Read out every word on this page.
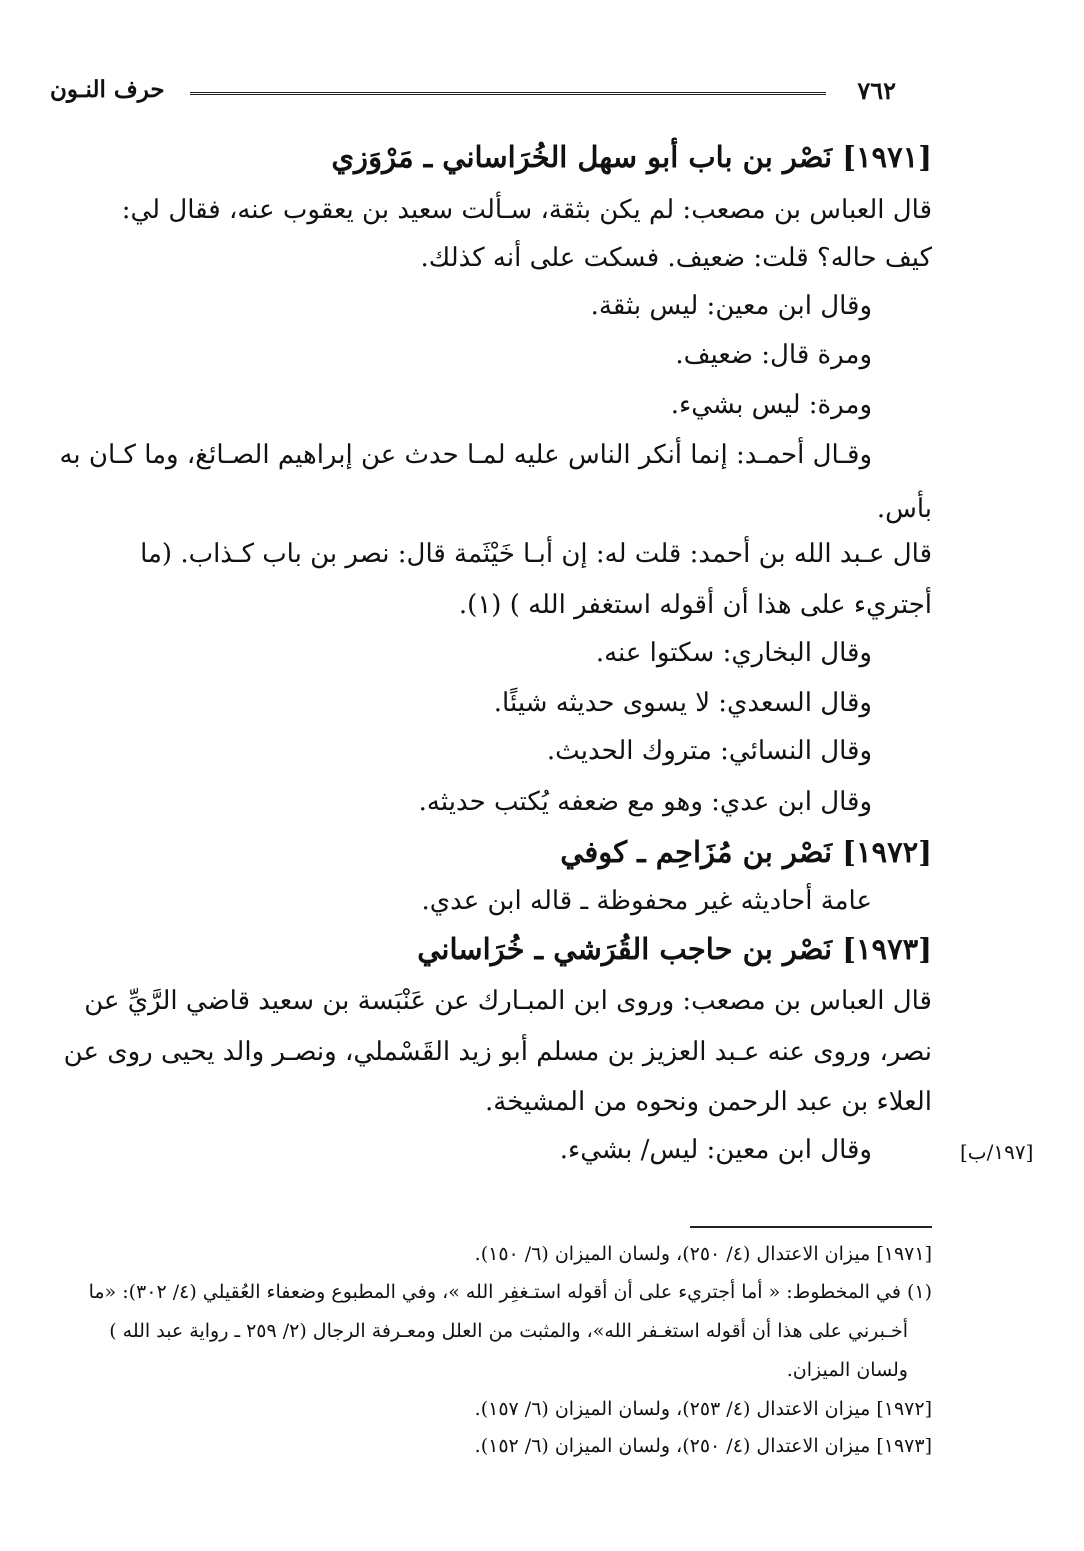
٧٦٢
حرف النـون
[١٩٧١] نَصْر بن باب أبو سهل الخُرَاساني ـ مَرْوَزي
قال العباس بن مصعب: لم يكن بثقة، سـألت سعيد بن يعقوب عنه، فقال لي:
كيف حاله؟ قلت: ضعيف. فسكت على أنه كذلك.
وقال ابن معين: ليس بثقة.
ومرة قال: ضعيف.
ومرة: ليس بشيء.
وقـال أحمـد: إنما أنكر الناس عليه لمـا حدث عن إبراهيم الصـائغ، وما كـان به
بأس.
قال عـبد الله بن أحمد: قلت له: إن أبـا خَيْثَمة قال: نصر بن باب كـذاب. (ما
أجتريء على هذا أن أقوله استغفر الله ) (١).
وقال البخاري: سكتوا عنه.
وقال السعدي: لا يسوى حديثه شيئًا.
وقال النسائي: متروك الحديث.
وقال ابن عدي: وهو مع ضعفه يُكتب حديثه.
[١٩٧٢] نَصْر بن مُزَاحِم ـ كوفي
عامة أحاديثه غير محفوظة ـ قاله ابن عدي.
[١٩٧٣] نَصْر بن حاجب القُرَشي ـ خُرَاساني
قال العباس بن مصعب: وروى ابن المبـارك عن عَنْبَسة بن سعيد قاضي الرَّيِّ عن
نصر، وروى عنه عـبد العزيز بن مسلم أبو زيد القَسْملي، ونصـر والد يحيى روى عن
العلاء بن عبد الرحمن ونحوه من المشيخة.
وقال ابن معين: ليس/ بشيء.	[١٩٧/ب]
[١٩٧١] ميزان الاعتدال (٤/ ٢٥٠)، ولسان الميزان (٦/ ١٥٠).
(١) في المخطوط: « أما أجتريء على أن أقوله استـغفِر الله »، وفي المطبوع وضعفاء العُقيلي (٤/ ٣٠٢): «ما
أخـبرني على هذا أن أقوله استغـفر الله»، والمثبت من العلل ومعـرفة الرجال (٢/ ٢٥٩ ـ رواية عبد الله )
ولسان الميزان.
[١٩٧٢] ميزان الاعتدال (٤/ ٢٥٣)، ولسان الميزان (٦/ ١٥٧).
[١٩٧٣] ميزان الاعتدال (٤/ ٢٥٠)، ولسان الميزان (٦/ ١٥٢).
